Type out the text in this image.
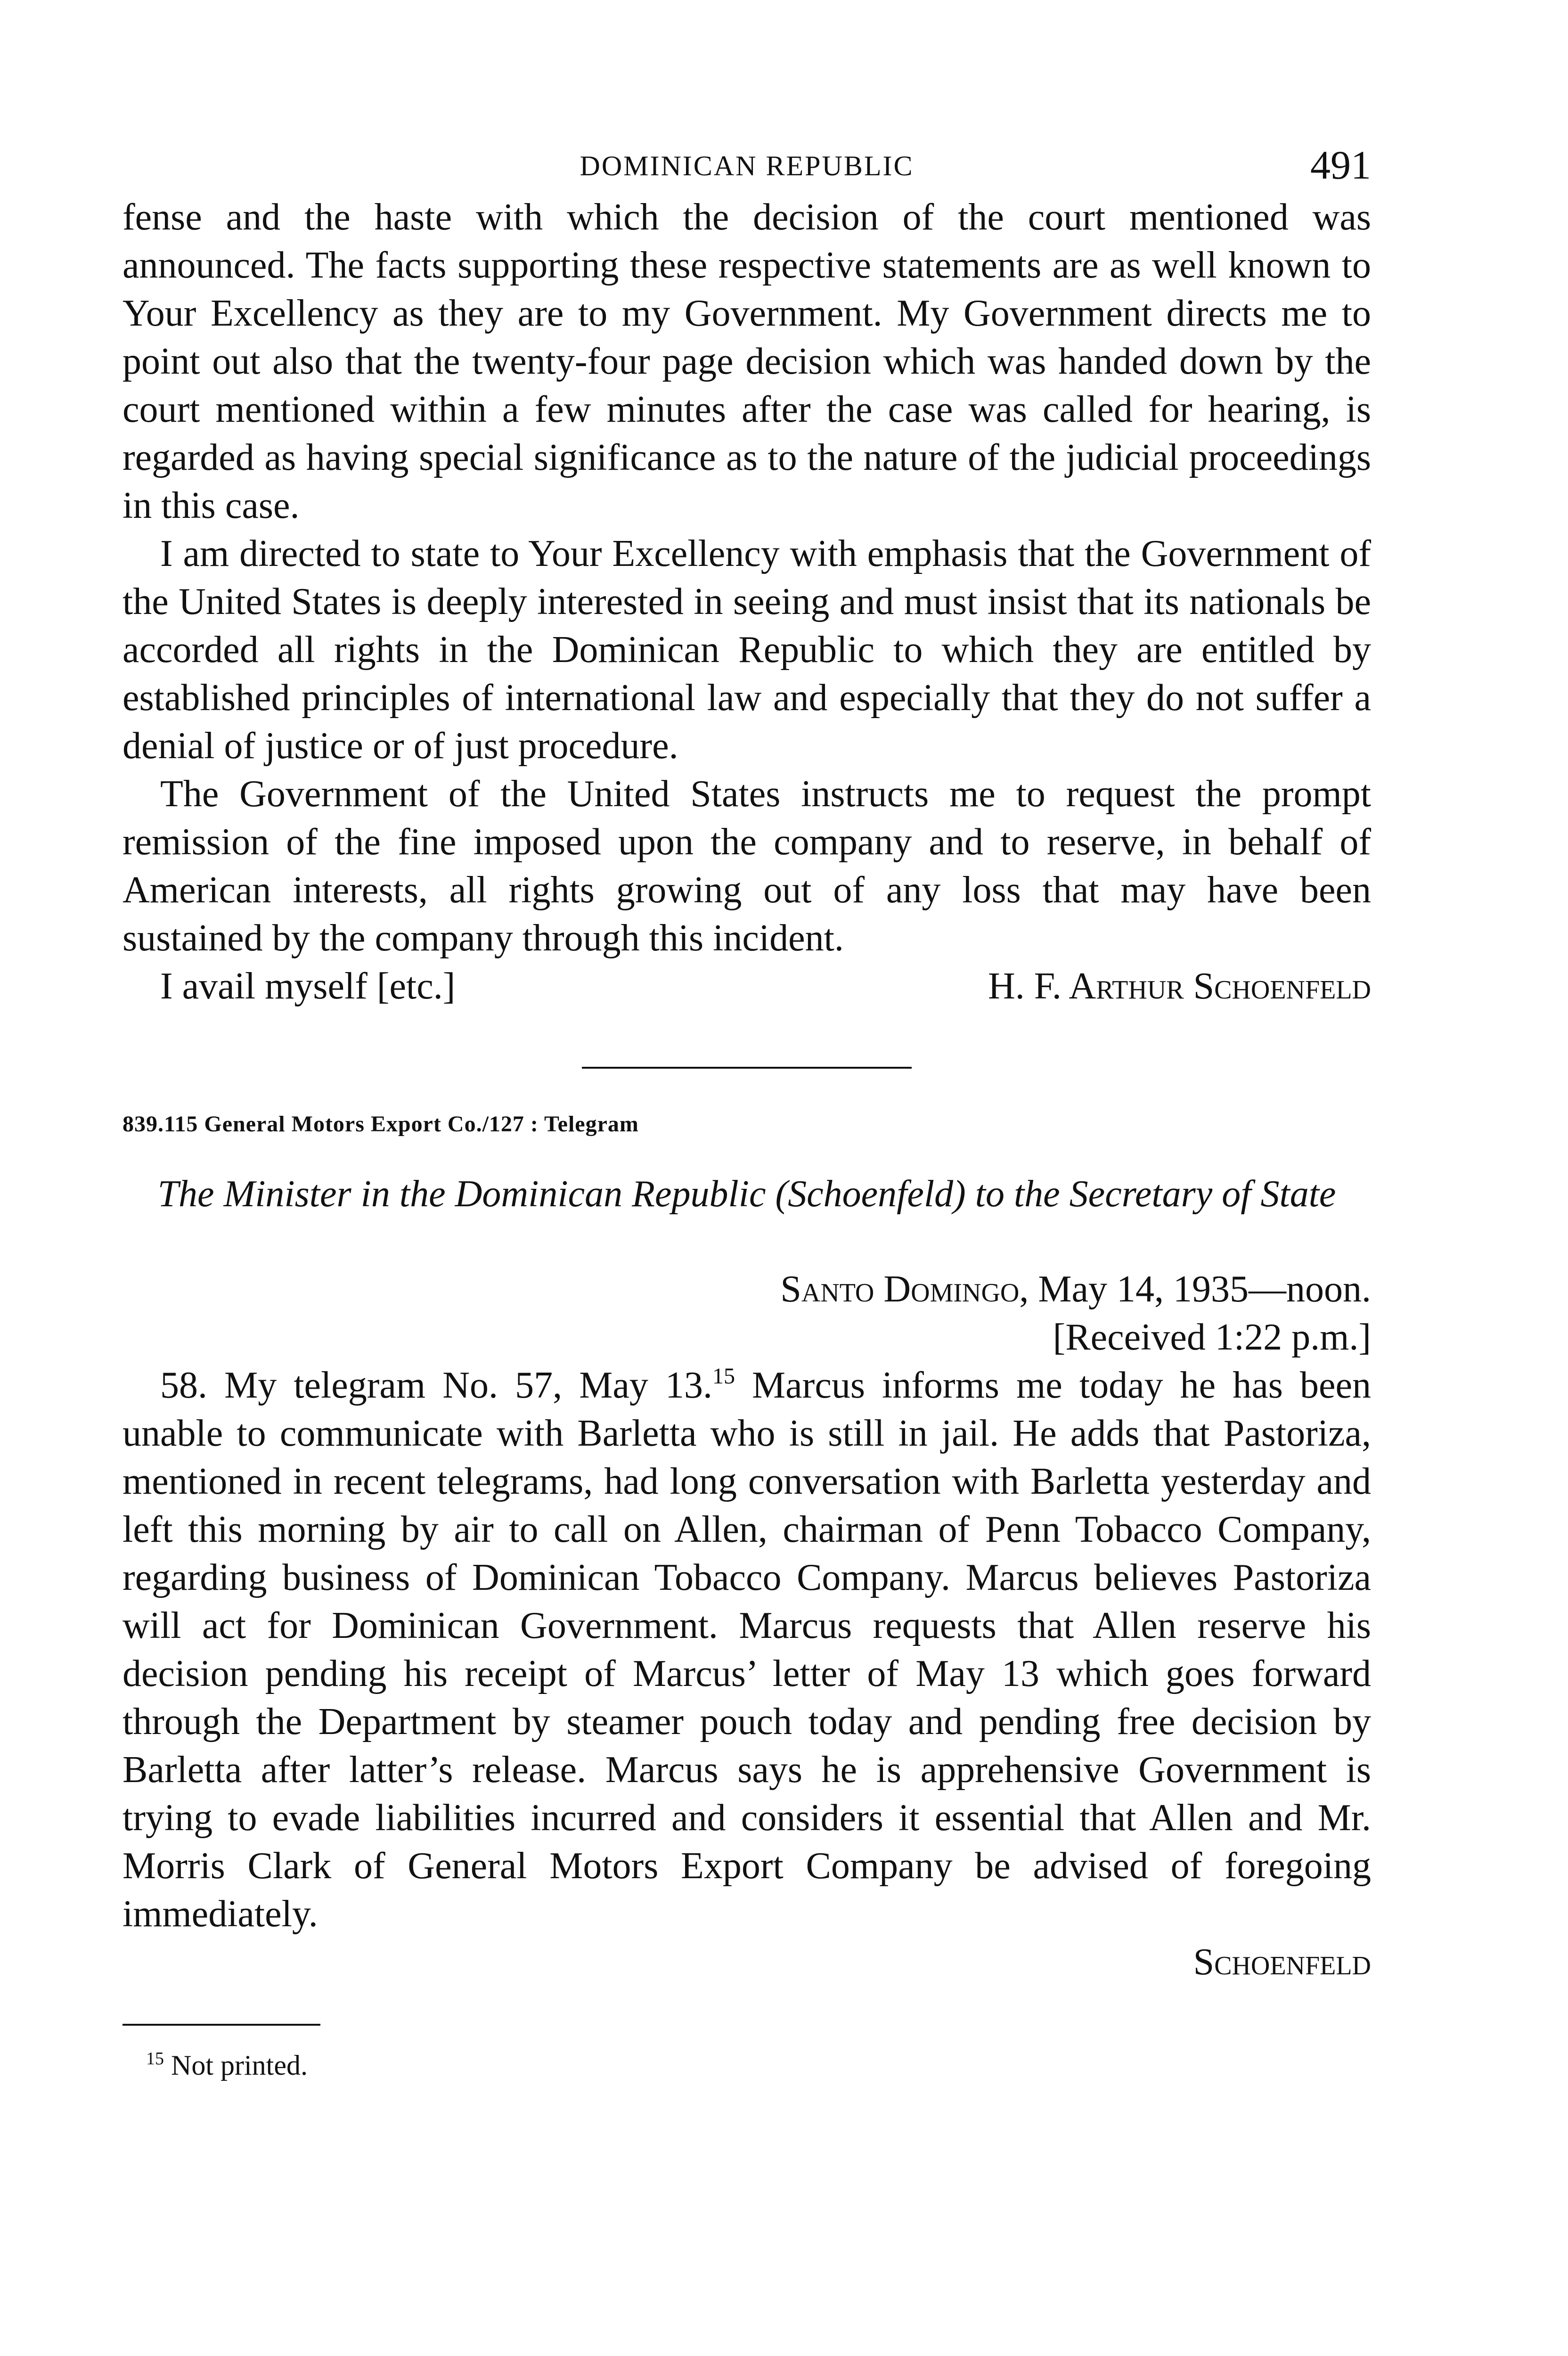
DOMINICAN REPUBLIC	491

fense and the haste with which the decision of the court mentioned was announced. The facts supporting these respective statements are as well known to Your Excellency as they are to my Government. My Government directs me to point out also that the twenty-four page decision which was handed down by the court mentioned within a few minutes after the case was called for hearing, is regarded as having special significance as to the nature of the judicial proceedings in this case.

I am directed to state to Your Excellency with emphasis that the Government of the United States is deeply interested in seeing and must insist that its nationals be accorded all rights in the Dominican Republic to which they are entitled by established principles of international law and especially that they do not suffer a denial of justice or of just procedure.

The Government of the United States instructs me to request the prompt remission of the fine imposed upon the company and to reserve, in behalf of American interests, all rights growing out of any loss that may have been sustained by the company through this incident.

I avail myself [etc.]	H. F. Arthur Schoenfeld

839.115 General Motors Export Co./127 : Telegram

The Minister in the Dominican Republic (Schoenfeld) to the Secretary of State

Santo Domingo, May 14, 1935—noon.
[Received 1:22 p.m.]

58. My telegram No. 57, May 13.15 Marcus informs me today he has been unable to communicate with Barletta who is still in jail. He adds that Pastoriza, mentioned in recent telegrams, had long conversation with Barletta yesterday and left this morning by air to call on Allen, chairman of Penn Tobacco Company, regarding business of Dominican Tobacco Company. Marcus believes Pastoriza will act for Dominican Government. Marcus requests that Allen reserve his decision pending his receipt of Marcus’ letter of May 13 which goes forward through the Department by steamer pouch today and pending free decision by Barletta after latter’s release. Marcus says he is apprehensive Government is trying to evade liabilities incurred and considers it essential that Allen and Mr. Morris Clark of General Motors Export Company be advised of foregoing immediately.

Schoenfeld
$^{15}$ Not printed.
